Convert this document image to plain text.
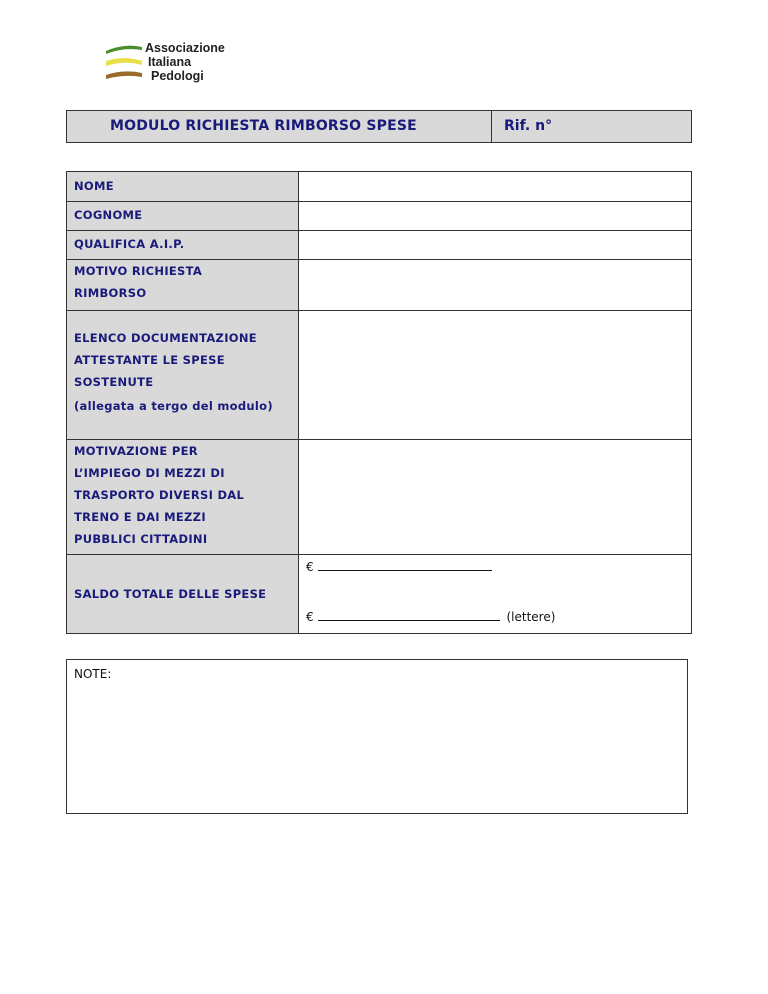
Associazione
Italiana
Pedologi
MODULO RICHIESTA RIMBORSO SPESE	Rif. n°
NOME	
COGNOME	
QUALIFICA A.I.P.	

MOTIVO RICHIESTA
RIMBORSO	

ELENCO DOCUMENTAZIONE
ATTESTANTE LE SPESE
SOSTENUTE
(allegata a tergo del modulo)	

MOTIVAZIONE PER
L’IMPIEGO DI MEZZI DI
TRASPORTO DIVERSI DAL
TRENO E DAI MEZZI
PUBBLICI CITTADINI	

SALDO TOTALE DELLE SPESE	€
€ (lettere)
NOTE:
